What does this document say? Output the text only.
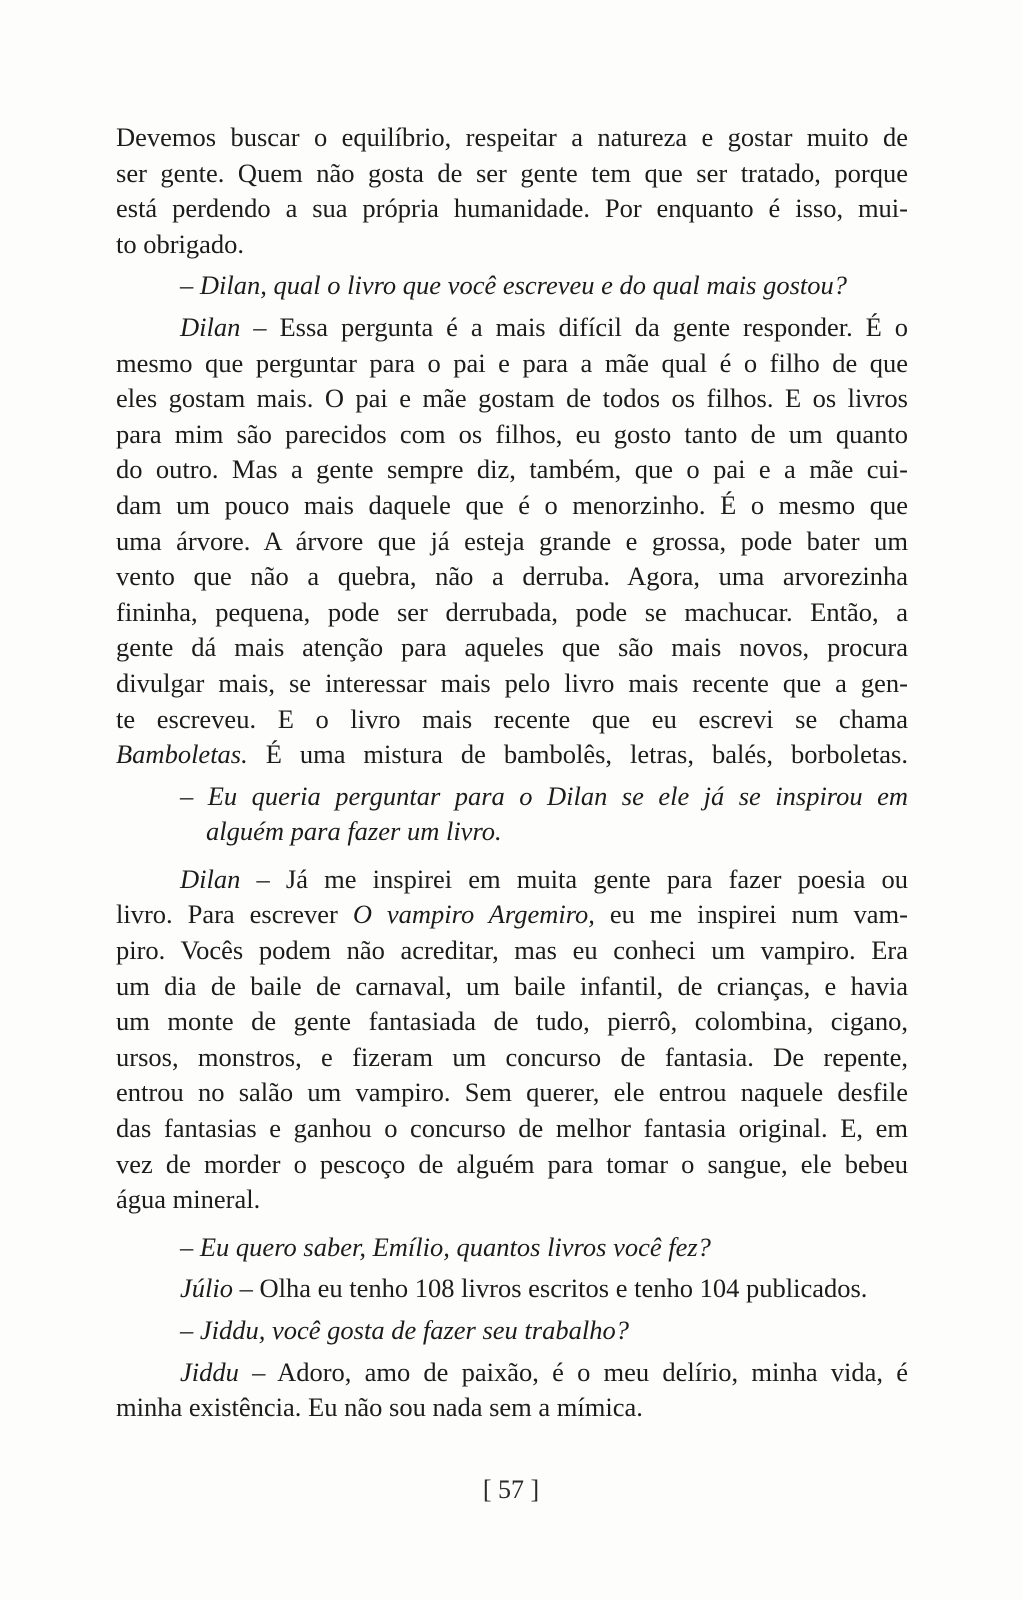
Devemos buscar o equilíbrio, respeitar a natureza e gostar muito de
ser gente. Quem não gosta de ser gente tem que ser tratado, porque
está perdendo a sua própria humanidade. Por enquanto é isso, mui-
to obrigado.
– Dilan, qual o livro que você escreveu e do qual mais gostou?
Dilan – Essa pergunta é a mais difícil da gente responder. É o
mesmo que perguntar para o pai e para a mãe qual é o filho de que
eles gostam mais. O pai e mãe gostam de todos os filhos. E os livros
para mim são parecidos com os filhos, eu gosto tanto de um quanto
do outro. Mas a gente sempre diz, também, que o pai e a mãe cui-
dam um pouco mais daquele que é o menorzinho. É o mesmo que
uma árvore. A árvore que já esteja grande e grossa, pode bater um
vento que não a quebra, não a derruba. Agora, uma arvorezinha
fininha, pequena, pode ser derrubada, pode se machucar. Então, a
gente dá mais atenção para aqueles que são mais novos, procura
divulgar mais, se interessar mais pelo livro mais recente que a gen-
te escreveu. E o livro mais recente que eu escrevi se chama
Bamboletas. É uma mistura de bambolês, letras, balés, borboletas.
– Eu queria perguntar para o Dilan se ele já se inspirou em
alguém para fazer um livro.
Dilan – Já me inspirei em muita gente para fazer poesia ou
livro. Para escrever O vampiro Argemiro, eu me inspirei num vam-
piro. Vocês podem não acreditar, mas eu conheci um vampiro. Era
um dia de baile de carnaval, um baile infantil, de crianças, e havia
um monte de gente fantasiada de tudo, pierrô, colombina, cigano,
ursos, monstros, e fizeram um concurso de fantasia. De repente,
entrou no salão um vampiro. Sem querer, ele entrou naquele desfile
das fantasias e ganhou o concurso de melhor fantasia original. E, em
vez de morder o pescoço de alguém para tomar o sangue, ele bebeu
água mineral.
– Eu quero saber, Emílio, quantos livros você fez?
Júlio – Olha eu tenho 108 livros escritos e tenho 104 publicados.
– Jiddu, você gosta de fazer seu trabalho?
Jiddu – Adoro, amo de paixão, é o meu delírio, minha vida, é
minha existência. Eu não sou nada sem a mímica.
[ 57 ]
